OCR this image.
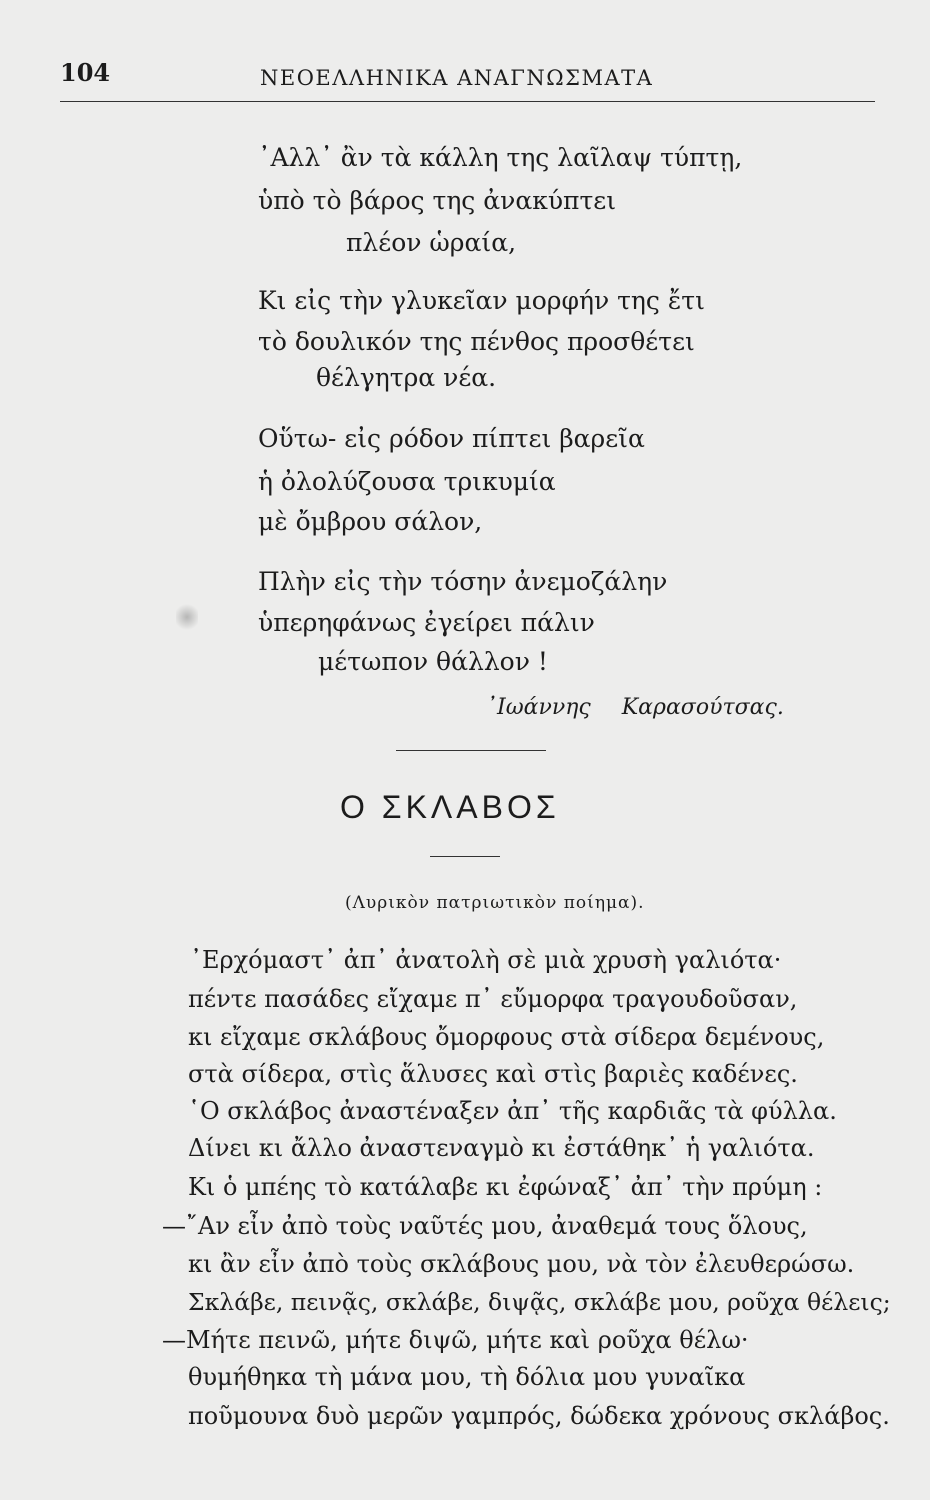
104	ΝΕΟΕΛΛΗΝΙΚΑ ΑΝΑΓΝΩΣΜΑΤΑ
᾿Αλλ᾿ ἂν τὰ κάλλη της λαῖλαψ τύπτῃ,
ὑπὸ τὸ βάρος της ἀνακύπτει
πλέον ὡραία,
Κι εἰς τὴν γλυκεῖαν μορφήν της ἔτι
τὸ δουλικόν της πένθος προσθέτει
θέλγητρα νέα.
Οὕτω- εἰς ρόδον πίπτει βαρεῖα
ἡ ὀλολύζουσα τρικυμία
μὲ ὄμβρου σάλον,
Πλὴν εἰς τὴν τόσην ἀνεμοζάλην
ὑπερηφάνως ἐγείρει πάλιν
μέτωπον θάλλον !
᾿Ιωάννης Καρασούτσας.
Ο ΣΚΛΑΒΟΣ
(Λυρικὸν πατριωτικὸν ποίημα).
᾿Ερχόμαστ᾿ ἀπ᾿ ἀνατολὴ σὲ μιὰ χρυσὴ γαλιότα·
πέντε πασάδες εἴχαμε π᾿ εὔμορφα τραγουδοῦσαν,
κι εἴχαμε σκλάβους ὄμορφους στὰ σίδερα δεμένους,
στὰ σίδερα, στὶς ἅλυσες καὶ στὶς βαριὲς καδένες.
῾Ο σκλάβος ἀναστέναξεν ἀπ᾿ τῆς καρδιᾶς τὰ φύλλα.
Δίνει κι ἄλλο ἀναστεναγμὸ κι ἐστάθηκ᾿ ἡ γαλιότα.
Κι ὁ μπέης τὸ κατάλαβε κι ἐφώναξ᾿ ἀπ᾿ τὴν πρύμη :
—῎Αν εἶν ἀπὸ τοὺς ναῦτές μου, ἀναθεμά τους ὅλους,
κι ἂν εἶν ἀπὸ τοὺς σκλάβους μου, νὰ τὸν ἐλευθερώσω.
Σκλάβε, πεινᾷς, σκλάβε, διψᾷς, σκλάβε μου, ροῦχα θέλεις;
—Μήτε πεινῶ, μήτε διψῶ, μήτε καὶ ροῦχα θέλω·
θυμήθηκα τὴ μάνα μου, τὴ δόλια μου γυναῖκα
ποῦμουνα δυὸ μερῶν γαμπρός, δώδεκα χρόνους σκλάβος.
